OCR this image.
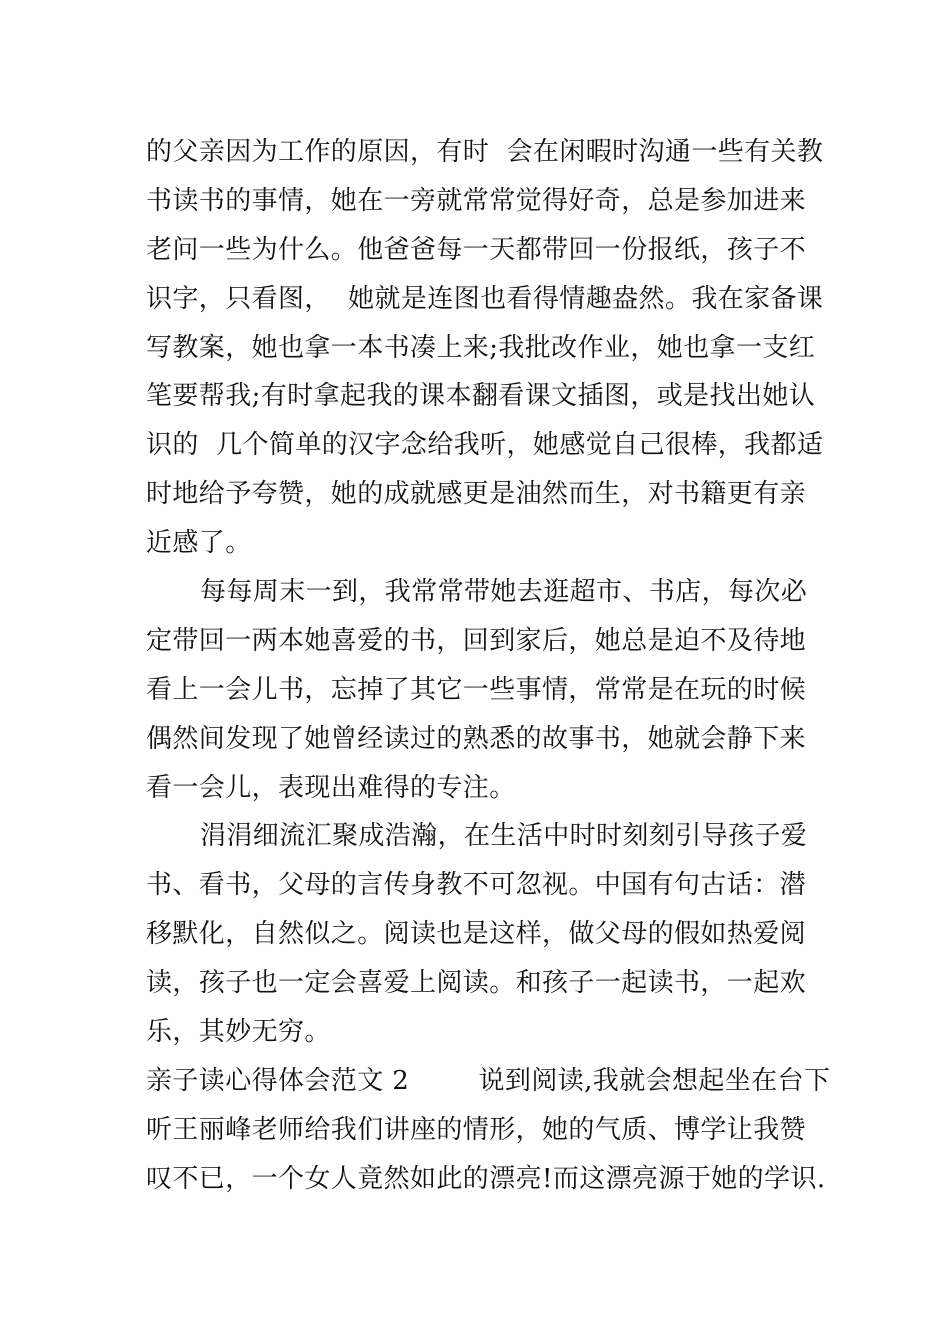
的父亲因为工作的原因，有时  会在闲暇时沟通一些有关教
书读书的事情，她在一旁就常常觉得好奇，总是参加进来
老问一些为什么。他爸爸每一天都带回一份报纸，孩子不
识字，只看图，  她就是连图也看得情趣盎然。我在家备课
写教案，她也拿一本书凑上来;我批改作业，她也拿一支红
笔要帮我;有时拿起我的课本翻看课文插图，或是找出她认
识的  几个简单的汉字念给我听，她感觉自己很棒，我都适
时地给予夸赞，她的成就感更是油然而生，对书籍更有亲
近感了。
每每周末一到，我常常带她去逛超市、书店，每次必
定带回一两本她喜爱的书，回到家后，她总是迫不及待地
看上一会儿书，忘掉了其它一些事情，常常是在玩的时候
偶然间发现了她曾经读过的熟悉的故事书，她就会静下来
看一会儿，表现出难得的专注。
涓涓细流汇聚成浩瀚，在生活中时时刻刻引导孩子爱
书、看书，父母的言传身教不可忽视。中国有句古话：潜
移默化，自然似之。阅读也是这样，做父母的假如热爱阅
读，孩子也一定会喜爱上阅读。和孩子一起读书，一起欢
乐，其妙无穷。
亲子读心得体会范文 2        说到阅读,我就会想起坐在台下
听王丽峰老师给我们讲座的情形，她的气质、博学让我赞
叹不已，一个女人竟然如此的漂亮!而这漂亮源于她的学识.
